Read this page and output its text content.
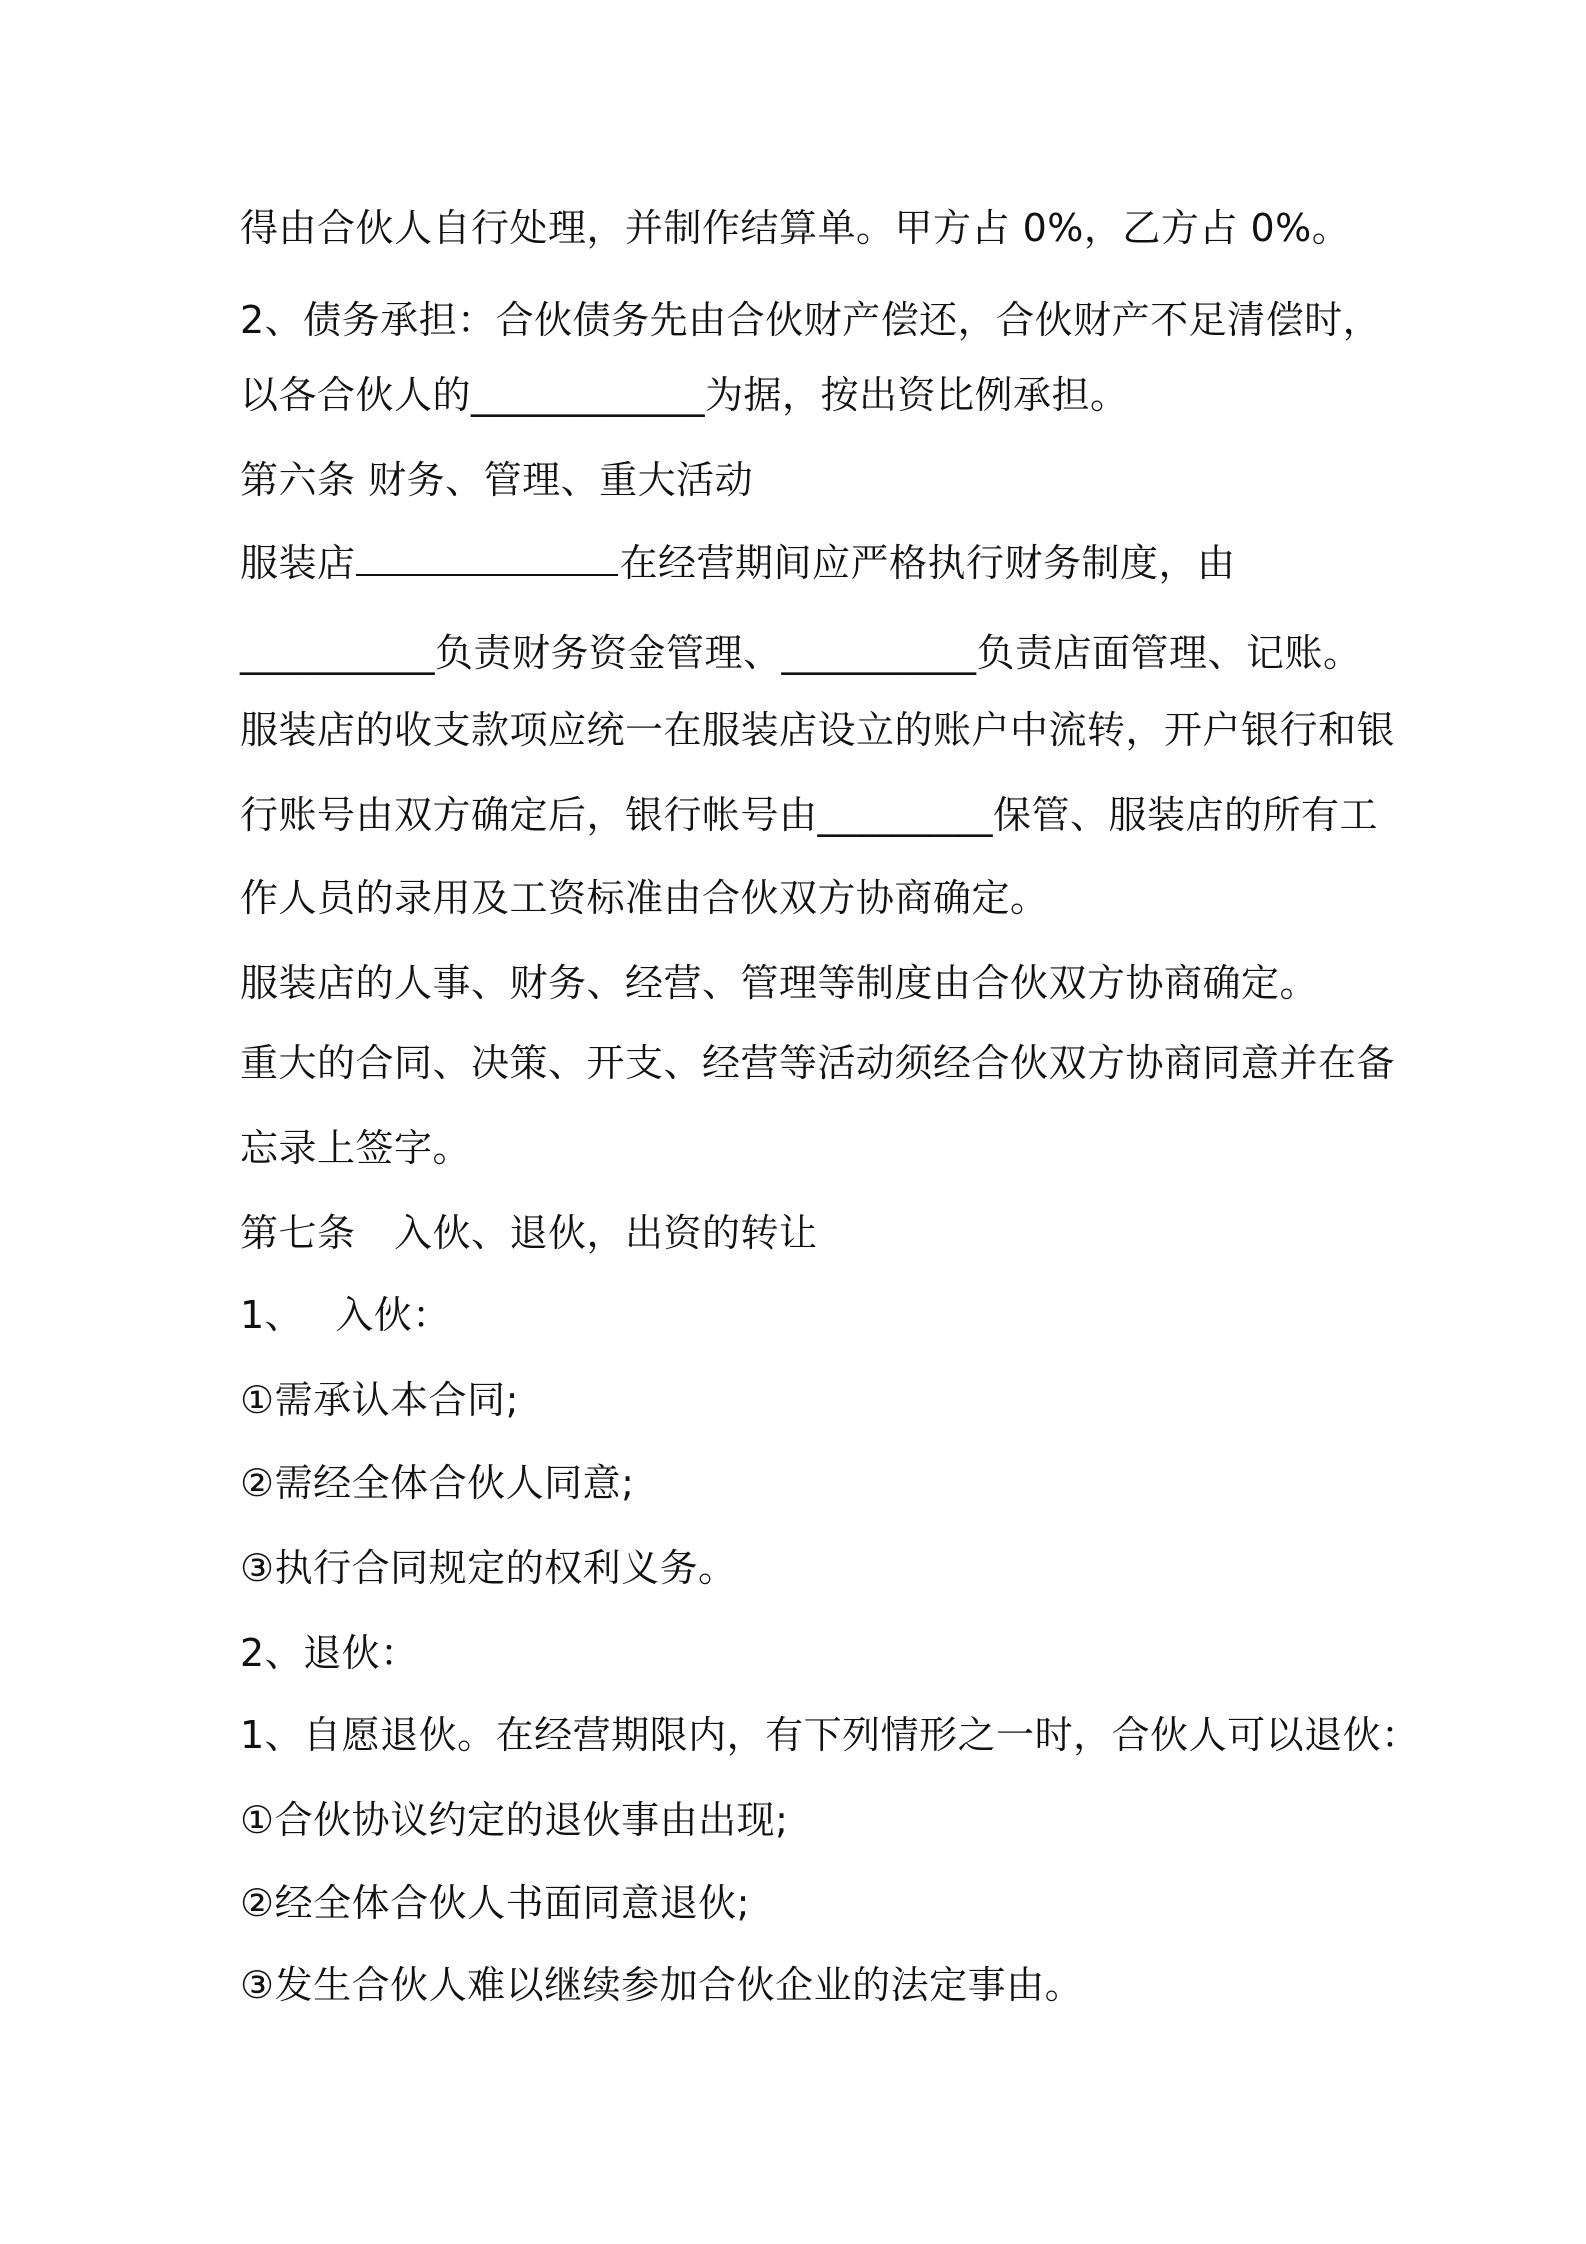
得由合伙人自行处理，并制作结算单。甲方占 0%，乙方占 0%。
2、债务承担：合伙债务先由合伙财产偿还，合伙财产不足清偿时，
以各合伙人的____________为据，按出资比例承担。
第六条 财务、管理、重大活动
服装店	在经营期间应严格执行财务制度，由
__________负责财务资金管理、__________负责店面管理、记账。
服装店的收支款项应统一在服装店设立的账户中流转，开户银行和银
行账号由双方确定后，银行帐号由_________保管、服装店的所有工
作人员的录用及工资标准由合伙双方协商确定。
服装店的人事、财务、经营、管理等制度由合伙双方协商确定。
重大的合同、决策、开支、经营等活动须经合伙双方协商同意并在备
忘录上签字。
第七条　入伙、退伙，出资的转让
1、　 入伙：
①需承认本合同;
②需经全体合伙人同意;
③执行合同规定的权利义务。
2、退伙：
1、自愿退伙。在经营期限内，有下列情形之一时，合伙人可以退伙：
①合伙协议约定的退伙事由出现;
②经全体合伙人书面同意退伙;
③发生合伙人难以继续参加合伙企业的法定事由。
